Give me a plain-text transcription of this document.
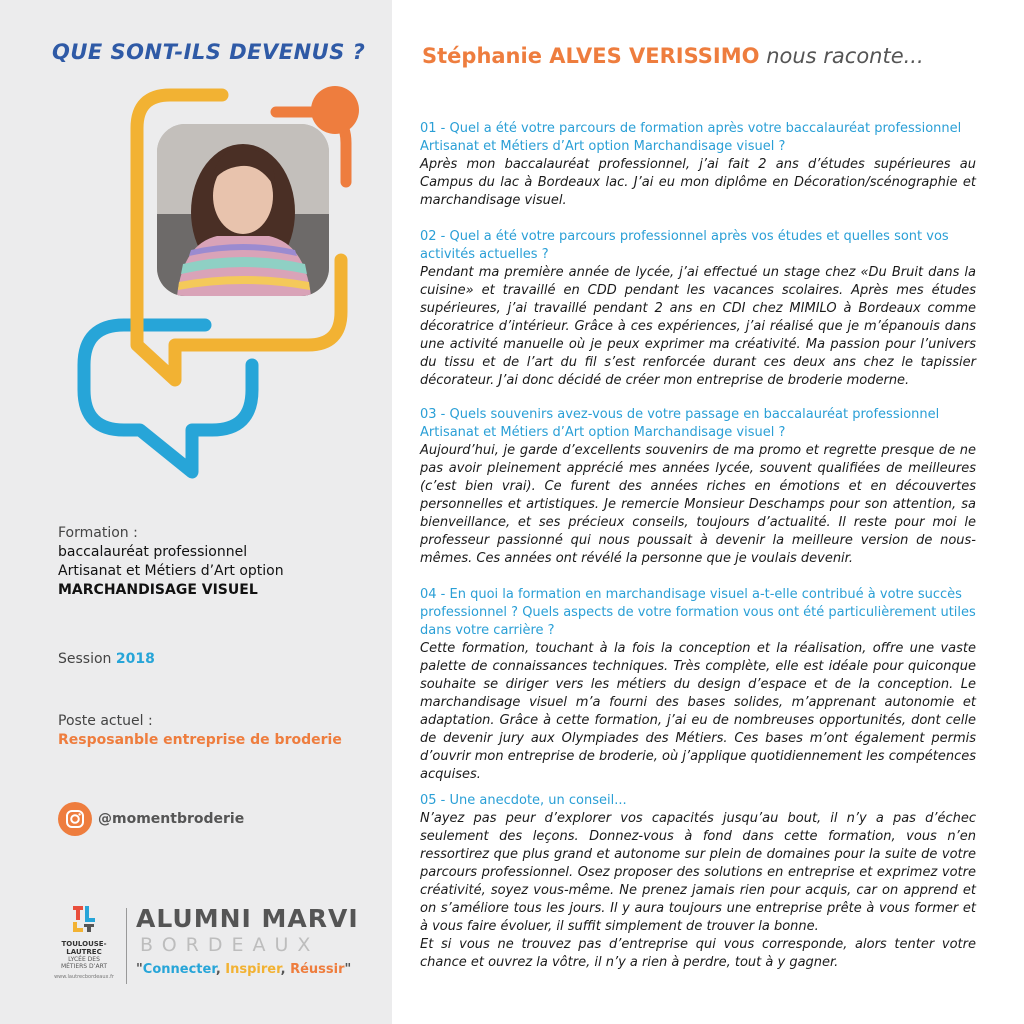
QUE SONT-ILS DEVENUS ?
Formation :
baccalauréat professionnel
Artisanat et Métiers d’Art option
MARCHANDISAGE VISUEL
Session 2018
Poste actuel :
Resposanble entreprise de broderie
@momentbroderie
TOULOUSE-LAUTREC
LYCÉE DES
MÉTIERS D’ART
www.lautrecbordeaux.fr
ALUMNI MARVI
BORDEAUX
"Connecter, Inspirer, Réussir"
Stéphanie ALVES VERISSIMO nous raconte...
01 - Quel a été votre parcours de formation après votre baccalauréat professionnel Artisanat et Métiers d’Art option Marchandisage visuel ?
Après mon baccalauréat professionnel, j’ai fait 2 ans d’études supérieures au Campus du lac à Bordeaux lac. J’ai eu mon diplôme en Décoration/scénographie et marchandisage visuel.
02 - Quel a été votre parcours professionnel après vos études et quelles sont vos activités actuelles ?
Pendant ma première année de lycée, j’ai effectué un stage chez «Du Bruit dans la cuisine» et travaillé en CDD pendant les vacances scolaires. Après mes études supérieures, j’ai travaillé pendant 2 ans en CDI chez MIMILO à Bordeaux comme décoratrice d’intérieur. Grâce à ces expériences, j’ai réalisé que je m’épanouis dans une activité manuelle où je peux exprimer ma créativité. Ma passion pour l’univers du tissu et de l’art du fil s’est renforcée durant ces deux ans chez le tapissier décorateur. J’ai donc décidé de créer mon entreprise de broderie moderne.
03 - Quels souvenirs avez-vous de votre passage en baccalauréat professionnel Artisanat et Métiers d’Art option Marchandisage visuel ?
Aujourd’hui, je garde d’excellents souvenirs de ma promo et regrette presque de ne pas avoir pleinement apprécié mes années lycée, souvent qualifiées de meilleures (c’est bien vrai). Ce furent des années riches en émotions et en découvertes personnelles et artistiques. Je remercie Monsieur Deschamps pour son attention, sa bienveillance, et ses précieux conseils, toujours d’actualité. Il reste pour moi le professeur passionné qui nous poussait à devenir la meilleure version de nous-mêmes. Ces années ont révélé la personne que je voulais devenir.
04 - En quoi la formation en marchandisage visuel a-t-elle contribué à votre succès professionnel ? Quels aspects de votre formation vous ont été particulièrement utiles dans votre carrière ?
Cette formation, touchant à la fois la conception et la réalisation, offre une vaste palette de connaissances techniques. Très complète, elle est idéale pour quiconque souhaite se diriger vers les métiers du design d’espace et de la conception. Le marchandisage visuel m’a fourni des bases solides, m’apprenant autonomie et adaptation. Grâce à cette formation, j’ai eu de nombreuses opportunités, dont celle de devenir jury aux Olympiades des Métiers. Ces bases m’ont également permis d’ouvrir mon entreprise de broderie, où j’applique quotidiennement les compétences acquises.
05 - Une anecdote, un conseil...
N’ayez pas peur d’explorer vos capacités jusqu’au bout, il n’y a pas d’échec seulement des leçons. Donnez-vous à fond dans cette formation, vous n’en ressortirez que plus grand et autonome sur plein de domaines pour la suite de votre parcours professionnel. Osez proposer des solutions en entreprise et exprimez votre créativité, soyez vous-même. Ne prenez jamais rien pour acquis, car on apprend et on s’améliore tous les jours. Il y aura toujours une entreprise prête à vous former et à vous faire évoluer, il suffit simplement de trouver la bonne.
Et si vous ne trouvez pas d’entreprise qui vous corresponde, alors tenter votre chance et ouvrez la vôtre, il n’y a rien à perdre, tout à y gagner.
